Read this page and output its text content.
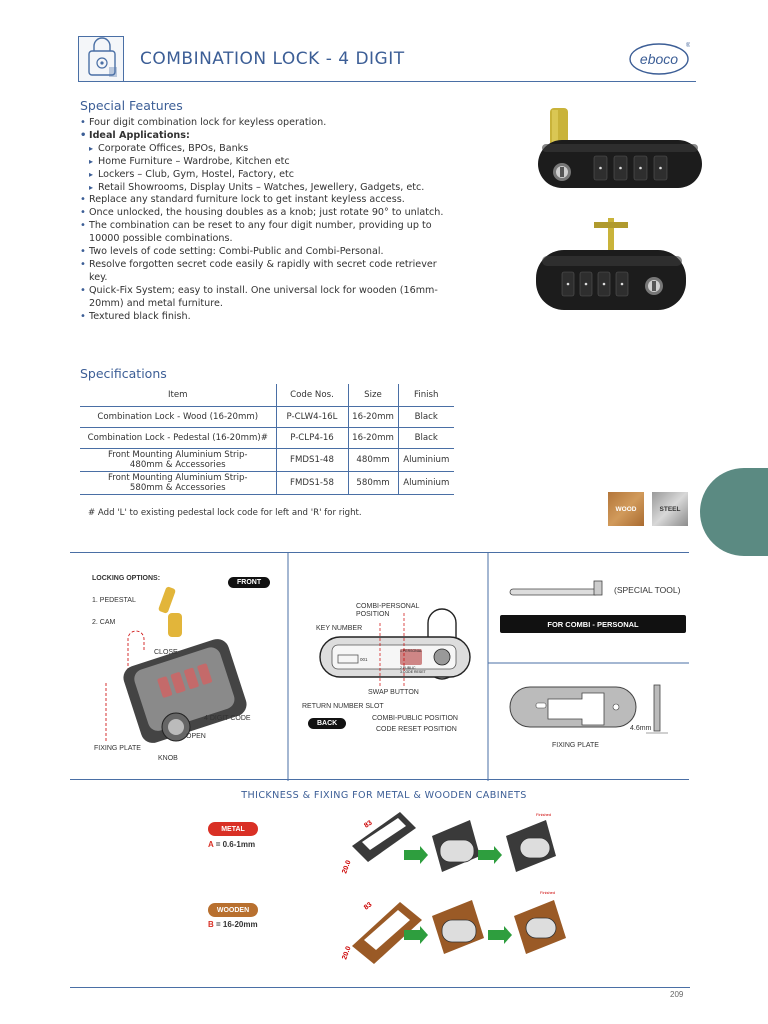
COMBINATION LOCK - 4 DIGIT	eboco
®
Special Features
• Four digit combination lock for keyless operation.
• Ideal Applications:
▸ Corporate Offices, BPOs, Banks
▸ Home Furniture – Wardrobe, Kitchen etc
▸ Lockers – Club, Gym, Hostel, Factory, etc
▸ Retail Showrooms, Display Units – Watches, Jewellery, Gadgets, etc.
• Replace any standard furniture lock to get instant keyless access.
• Once unlocked, the housing doubles as a knob; just rotate 90° to unlatch.
• The combination can be reset to any four digit number, providing up to 10000 possible combinations.
• Two levels of code setting: Combi-Public and Combi-Personal.
• Resolve forgotten secret code easily & rapidly with secret code retriever key.
• Quick-Fix System; easy to install. One universal lock for wooden (16mm-20mm) and metal furniture.
• Textured black finish.
Specifications
Item	Code Nos.	Size	Finish
Combination Lock - Wood (16-20mm)	P-CLW4-16L	16-20mm	Black
Combination Lock - Pedestal (16-20mm)#	P-CLP4-16	16-20mm	Black
Front Mounting Aluminium Strip-
480mm & Accessories	FMDS1-48	480mm	Aluminium
Front Mounting Aluminium Strip-
580mm & Accessories	FMDS1-58	580mm	Aluminium
# Add 'L' to existing pedestal lock code for left and 'R' for right.	WOOD	STEEL
001
1.PERSONAL
2.PUBLIC
3.CODE RESET
LOCKING OPTIONS:
FRONT
1. PEDESTAL
2. CAM
CLOSE
4 DIGIT CODE
OPEN
FIXING PLATE
KNOB
COMBI-PERSONAL POSITION
KEY NUMBER
SWAP BUTTON
RETURN NUMBER SLOT
BACK
COMBI-PUBLIC POSITION
CODE RESET POSITION
(SPECIAL TOOL)
4.6mm
FIXING PLATE
FOR COMBI - PERSONAL
THICKNESS & FIXING FOR METAL & WOODEN CABINETS
METAL
A = 0.6-1mm
WOODEN
B = 16-20mm
83
20.0
Finished
83
20.0
Finished
209
